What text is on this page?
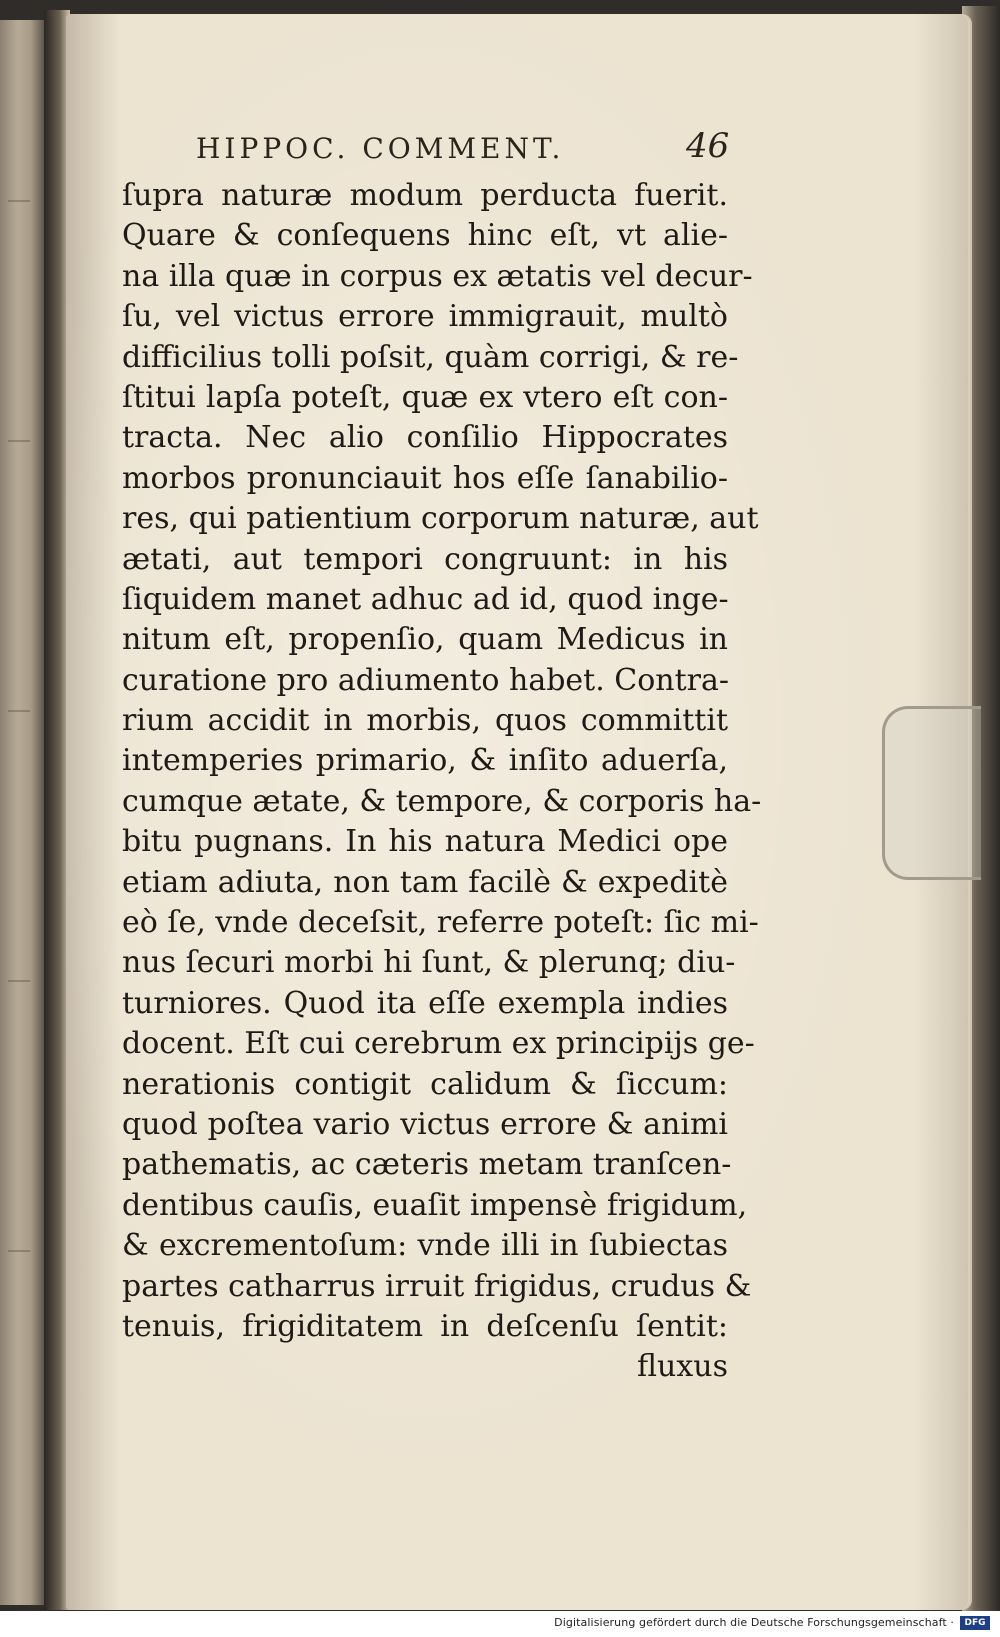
HIPPOC. COMMENT.	46
ſupra naturæ modum perducta fuerit.
Quare & conſequens hinc eſt, vt alie-
na illa quæ in corpus ex ætatis vel decur-
ſu, vel victus errore immigrauit, multò
difficilius tolli poſsit, quàm corrigi, & re-
ſtitui lapſa poteſt, quæ ex vtero eſt con-
tracta. Nec alio conſilio Hippocrates
morbos pronunciauit hos eſſe ſanabilio-
res, qui patientium corporum naturæ, aut
ætati, aut tempori congruunt: in his
ſiquidem manet adhuc ad id, quod inge-
nitum eſt, propenſio, quam Medicus in
curatione pro adiumento habet. Contra-
rium accidit in morbis, quos committit
intemperies primario, & inſito aduerſa,
cumque ætate, & tempore, & corporis ha-
bitu pugnans. In his natura Medici ope
etiam adiuta, non tam facilè & expeditè
eò ſe, vnde deceſsit, referre poteſt: ſic mi-
nus ſecuri morbi hi ſunt, & plerunq; diu-
turniores. Quod ita eſſe exempla indies
docent. Eſt cui cerebrum ex principijs ge-
nerationis contigit calidum & ſiccum:
quod poſtea vario victus errore & animi
pathematis, ac cæteris metam tranſcen-
dentibus cauſis, euaſit impensè frigidum,
& excrementoſum: vnde illi in ſubiectas
partes catharrus irruit frigidus, crudus &
tenuis, frigiditatem in deſcenſu ſentit:
fluxus
Digitalisierung gefördert durch die Deutsche Forschungsgemeinschaft ·	DFG
